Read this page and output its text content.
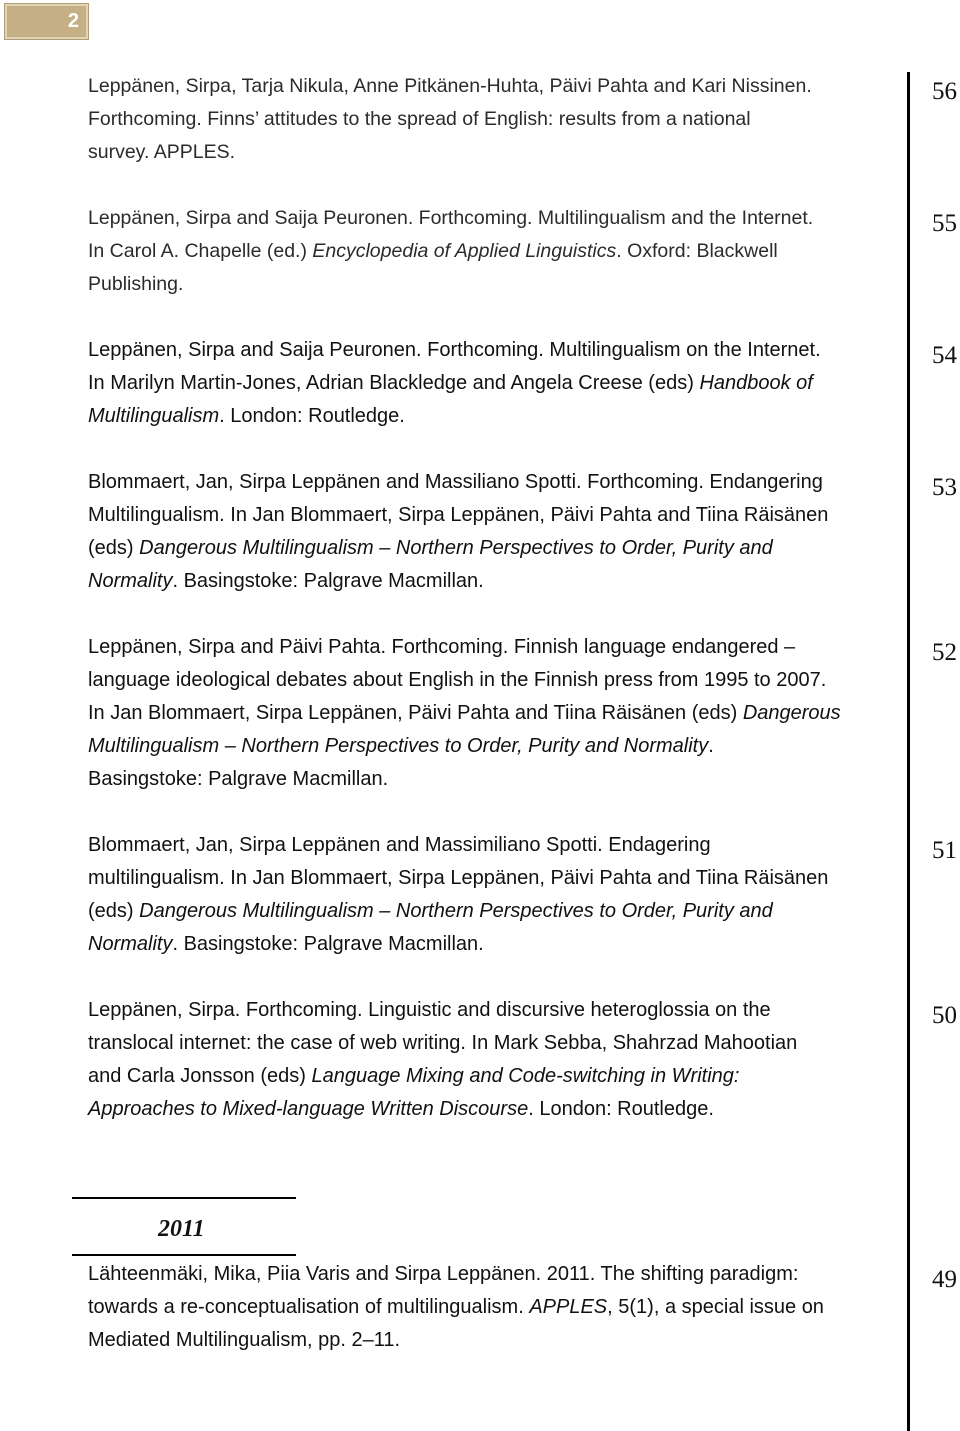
2
Leppänen, Sirpa, Tarja Nikula, Anne Pitkänen-Huhta, Päivi Pahta and Kari Nissinen.
Forthcoming. Finns’ attitudes to the spread of English: results from a national
survey. APPLES.
56
Leppänen, Sirpa and Saija Peuronen. Forthcoming. Multilingualism and the Internet.
In Carol A. Chapelle (ed.) Encyclopedia of Applied Linguistics. Oxford: Blackwell
Publishing.
55
Leppänen, Sirpa and Saija Peuronen. Forthcoming. Multilingualism on the Internet.
In Marilyn Martin-Jones, Adrian Blackledge and Angela Creese (eds) Handbook of
Multilingualism. London: Routledge.
54
Blommaert, Jan, Sirpa Leppänen and Massiliano Spotti. Forthcoming. Endangering
Multilingualism. In Jan Blommaert, Sirpa Leppänen, Päivi Pahta and Tiina Räisänen
(eds) Dangerous Multilingualism – Northern Perspectives to Order, Purity and
Normality. Basingstoke: Palgrave Macmillan.
53
Leppänen, Sirpa and Päivi Pahta. Forthcoming. Finnish language endangered –
language ideological debates about English in the Finnish press from 1995 to 2007.
In Jan Blommaert, Sirpa Leppänen, Päivi Pahta and Tiina Räisänen (eds) Dangerous
Multilingualism – Northern Perspectives to Order, Purity and Normality.
Basingstoke: Palgrave Macmillan.
52
Blommaert, Jan, Sirpa Leppänen and Massimiliano Spotti. Endagering
multilingualism. In Jan Blommaert, Sirpa Leppänen, Päivi Pahta and Tiina Räisänen
(eds) Dangerous Multilingualism – Northern Perspectives to Order, Purity and
Normality. Basingstoke: Palgrave Macmillan.
51
Leppänen, Sirpa. Forthcoming. Linguistic and discursive heteroglossia on the
translocal internet: the case of web writing. In Mark Sebba, Shahrzad Mahootian
and Carla Jonsson (eds) Language Mixing and Code-switching in Writing:
Approaches to Mixed-language Written Discourse. London: Routledge.
50
2011
Lähteenmäki, Mika, Piia Varis and Sirpa Leppänen. 2011. The shifting paradigm:
towards a re-conceptualisation of multilingualism. APPLES, 5(1), a special issue on
Mediated Multilingualism, pp. 2–11.
49
